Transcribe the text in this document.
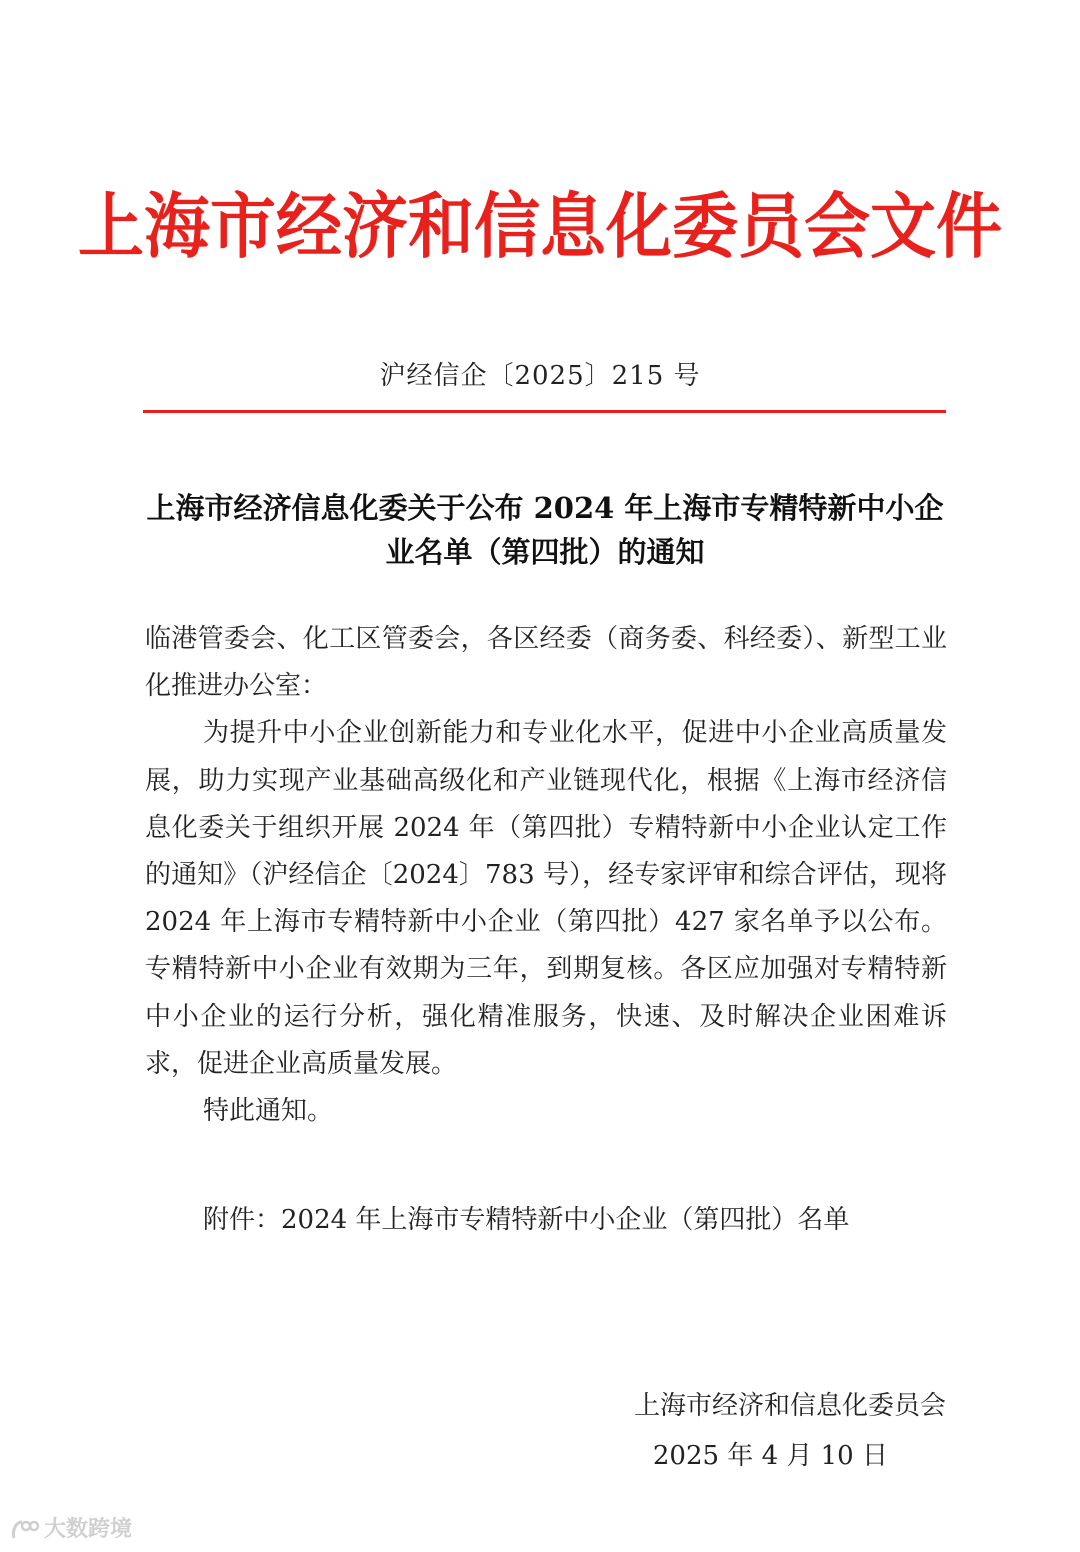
上海市经济和信息化委员会文件
沪经信企〔2025〕215 号
上海市经济信息化委关于公布 2024 年上海市专精特新中小企业名单（第四批）的通知

临港管委会、化工区管委会，各区经委（商务委、科经委）、新型工业化推进办公室：

为提升中小企业创新能力和专业化水平，促进中小企业高质量发展，助力实现产业基础高级化和产业链现代化，根据《上海市经济信息化委关于组织开展 2024 年（第四批）专精特新中小企业认定工作的通知》（沪经信企〔2024〕783 号），经专家评审和综合评估，现将 2024 年上海市专精特新中小企业（第四批）427 家名单予以公布。专精特新中小企业有效期为三年，到期复核。各区应加强对专精特新中小企业的运行分析，强化精准服务，快速、及时解决企业困难诉求，促进企业高质量发展。

特此通知。

附件：2024 年上海市专精特新中小企业（第四批）名单
上海市经济和信息化委员会
2025 年 4 月 10 日
大数跨境
